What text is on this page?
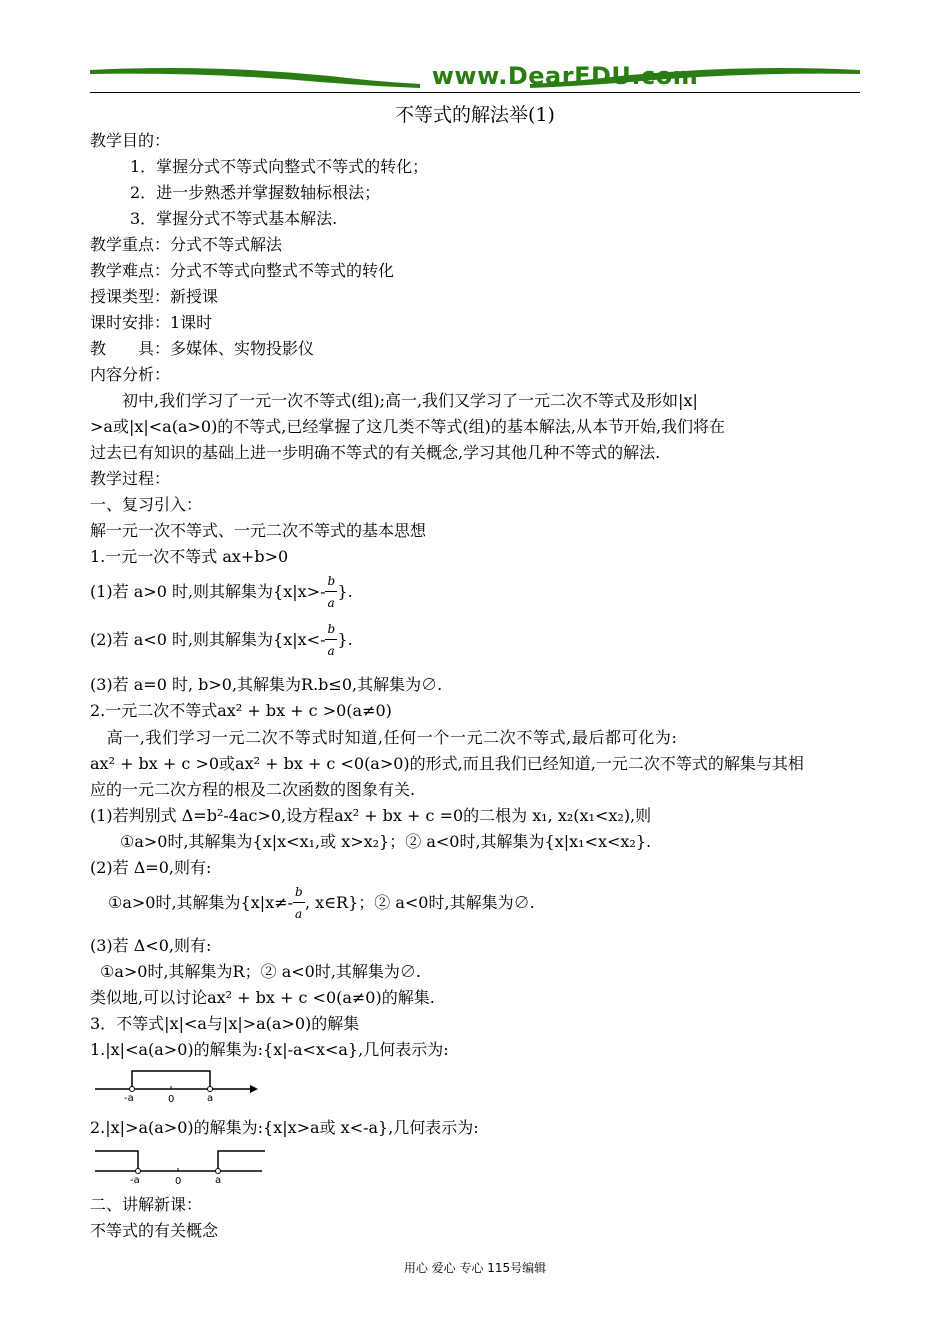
www.DearEDU.com
不等式的解法举(1)
教学目的：
1．掌握分式不等式向整式不等式的转化；
2．进一步熟悉并掌握数轴标根法；
3．掌握分式不等式基本解法.
教学重点：分式不等式解法
教学难点：分式不等式向整式不等式的转化
授课类型：新授课
课时安排：1课时
教　　具：多媒体、实物投影仪
内容分析：
　　初中,我们学习了一元一次不等式(组);高一,我们又学习了一元二次不等式及形如|x|
>a或|x|<a(a>0)的不等式,已经掌握了这几类不等式(组)的基本解法,从本节开始,我们将在
过去已有知识的基础上进一步明确不等式的有关概念,学习其他几种不等式的解法.
教学过程：
一、复习引入：
解一元一次不等式、一元二次不等式的基本思想
1.一元一次不等式 ax+b>0
(1)若 a>0 时,则其解集为{$x|x>- \frac{b}{a}$ }.
(2)若 a<0 时,则其解集为{$x|x<- \frac{b}{a}$ }.
(3)若 a=0 时, b>0,其解集为R.b≤0,其解集为∅.
2.一元二次不等式ax² + bx + c >0(a≠0)
　高一,我们学习一元二次不等式时知道,任何一个一元二次不等式,最后都可化为:
ax² + bx + c >0或ax² + bx + c <0(a>0)的形式,而且我们已经知道,一元二次不等式的解集与其相
应的一元二次方程的根及二次函数的图象有关.
(1)若判别式 Δ=b²-4ac>0,设方程ax² + bx + c =0的二根为 x₁, x₂(x₁<x₂),则
①a>0时,其解集为{x|x<x₁,或 x>x₂}；② a<0时,其解集为{x|x₁<x<x₂}.
(2)若 Δ=0,则有:
①a>0时,其解集为{$x|x\ne- \frac{b}{a}$ , x∈R}；② a<0时,其解集为∅.
(3)若 Δ<0,则有:
①a>0时,其解集为R；② a<0时,其解集为∅.
类似地,可以讨论ax² + bx + c <0(a≠0)的解集.
3．不等式|x|<a与|x|>a(a>0)的解集
1.|x|<a(a>0)的解集为:{x|-a<x<a},几何表示为:
-a	0	a
2.|x|>a(a>0)的解集为:{x|x>a或 x<-a},几何表示为:
-a	0	a
二、讲解新课：
不等式的有关概念
用心 爱心 专心 115号编辑
